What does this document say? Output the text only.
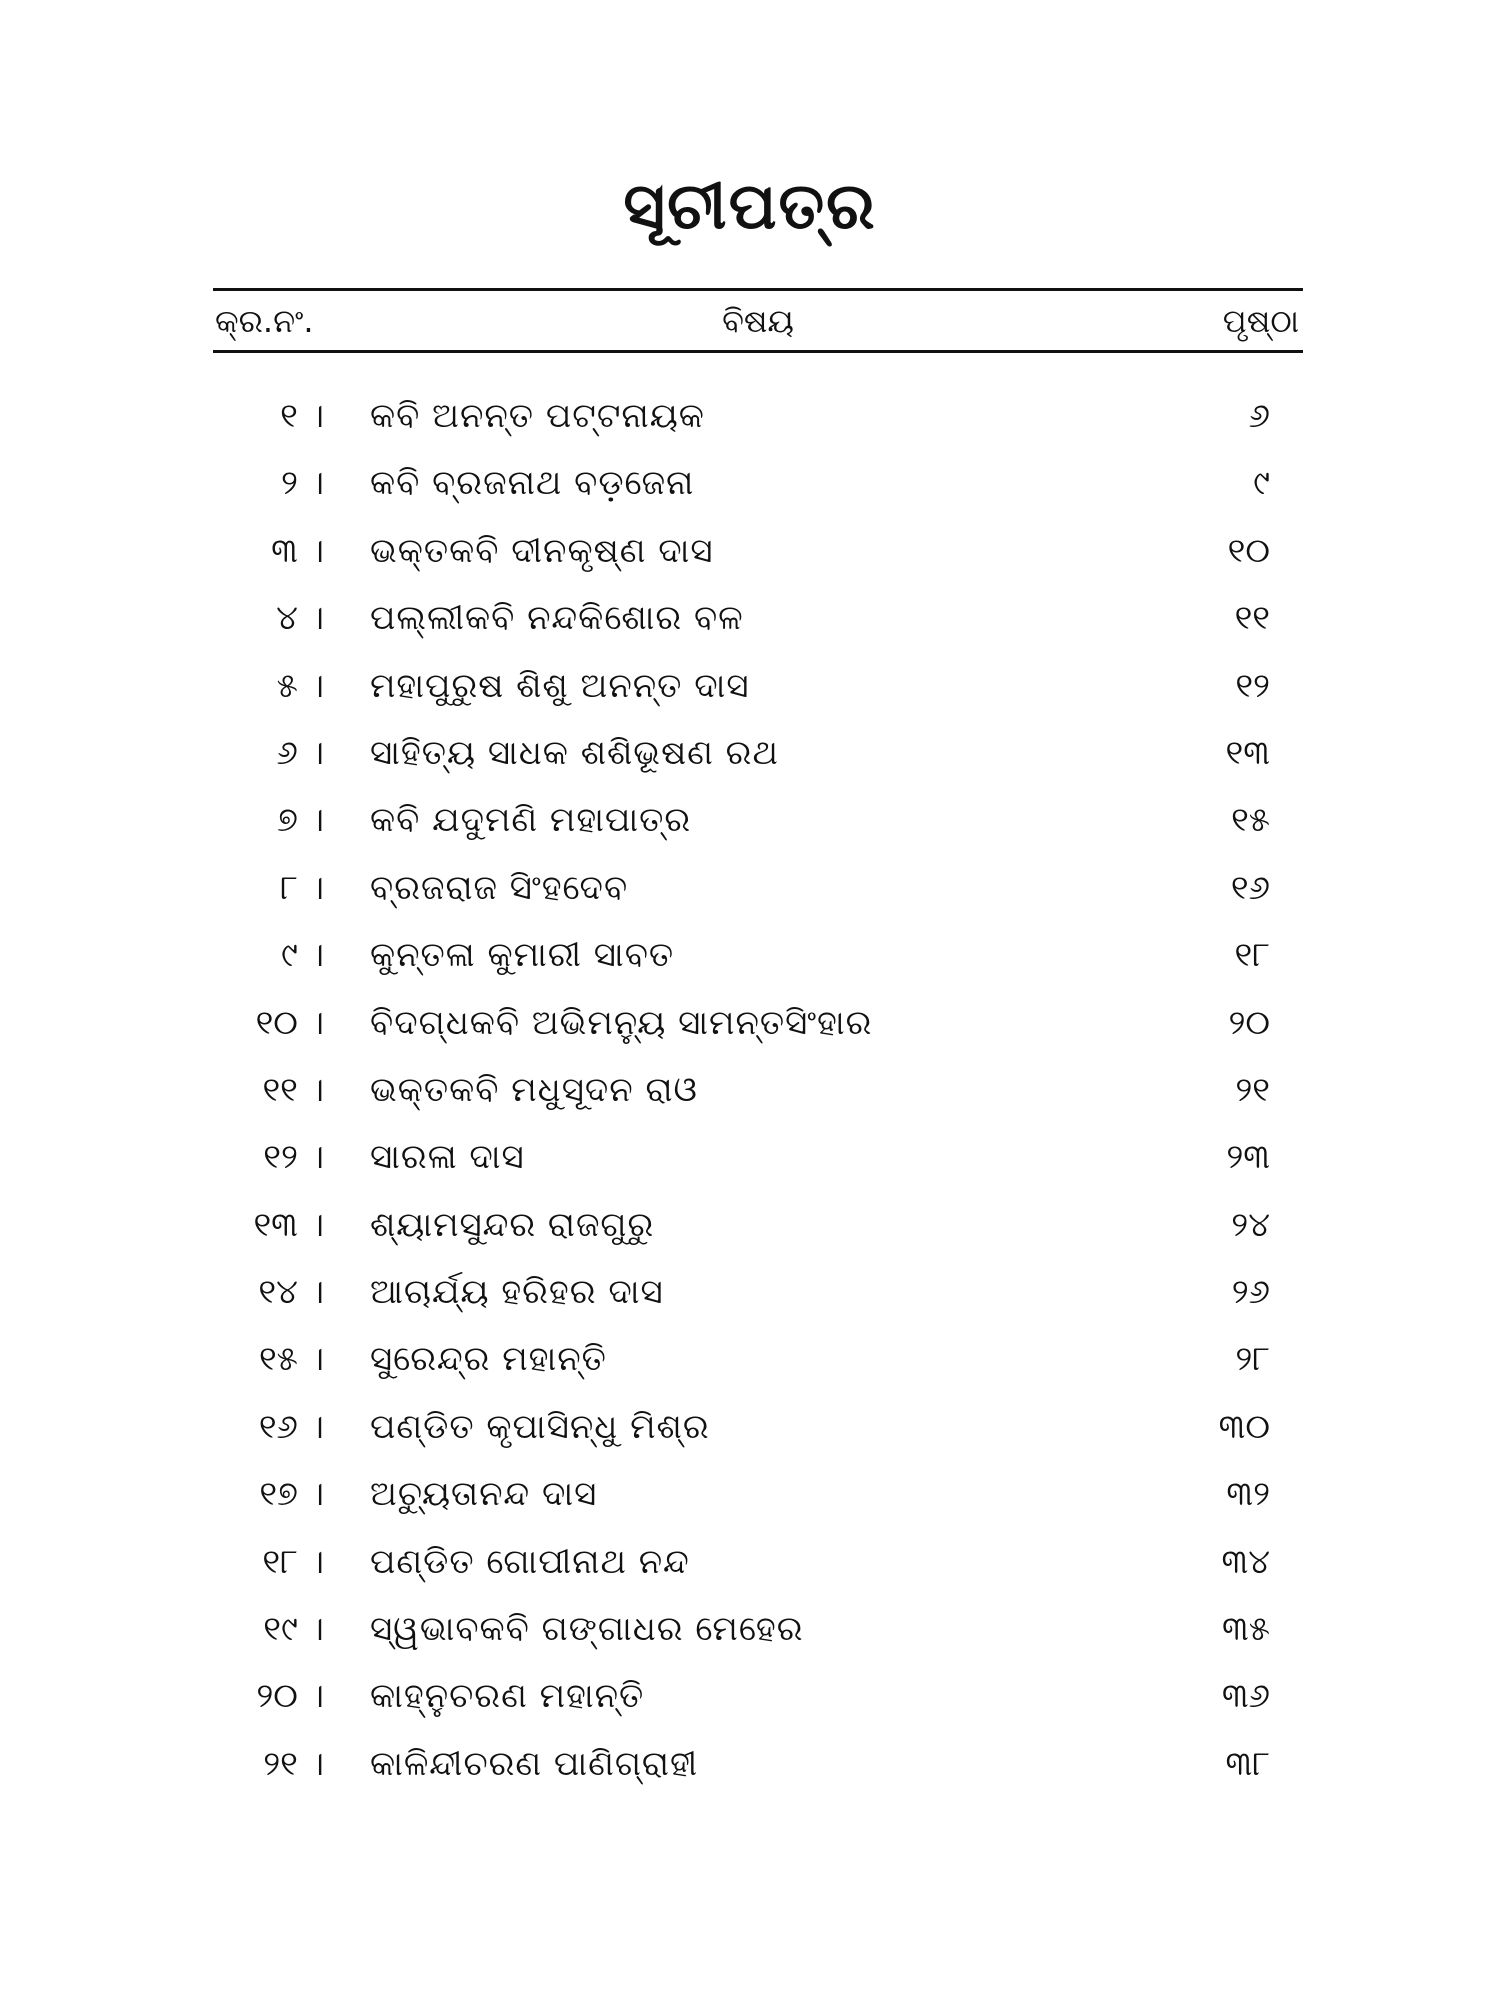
ସୂଚୀପତ୍ର
କ୍ର.ନଂ.	ବିଷୟ	ପୃଷ୍ଠା
୧ । କବି ଅନନ୍ତ ପଟ୍ଟନାୟକ	୬
୨ । କବି ବ୍ରଜନାଥ ବଡ଼ଜେନା	୯
୩ । ଭକ୍ତକବି ଦୀନକୃଷ୍ଣ ଦାସ	୧୦
୪ । ପଲ୍ଲୀକବି ନନ୍ଦକିଶୋର ବଳ	୧୧
୫ । ମହାପୁରୁଷ ଶିଶୁ ଅନନ୍ତ ଦାସ	୧୨
୬ । ସାହିତ୍ୟ ସାଧକ ଶଶିଭୂଷଣ ରଥ	୧୩
୭ । କବି ଯଦୁମଣି ମହାପାତ୍ର	୧୫
୮ । ବ୍ରଜରାଜ ସିଂହଦେବ	୧୬
୯ । କୁନ୍ତଳା କୁମାରୀ ସାବତ	୧୮
୧୦ । ବିଦଗ୍ଧକବି ଅଭିମନ୍ୟୁ ସାମନ୍ତସିଂହାର	୨୦
୧୧ । ଭକ୍ତକବି ମଧୁସୂଦନ ରାଓ	୨୧
୧୨ । ସାରଳା ଦାସ	୨୩
୧୩ । ଶ୍ୟାମସୁନ୍ଦର ରାଜଗୁରୁ	୨୪
୧୪ । ଆଚାର୍ଯ୍ୟ ହରିହର ଦାସ	୨୬
୧୫ । ସୁରେନ୍ଦ୍ର ମହାନ୍ତି	୨୮
୧୬ । ପଣ୍ଡିତ କୃପାସିନ୍ଧୁ ମିଶ୍ର	୩୦
୧୭ । ଅଚ୍ୟୁତାନନ୍ଦ ଦାସ	୩୨
୧୮ । ପଣ୍ଡିତ ଗୋପୀନାଥ ନନ୍ଦ	୩୪
୧୯ । ସ୍ୱଭାବକବି ଗଙ୍ଗାଧର ମେହେର	୩୫
୨୦ । କାହ୍ନୁଚରଣ ମହାନ୍ତି	୩୬
୨୧ । କାଳିନ୍ଦୀଚରଣ ପାଣିଗ୍ରାହୀ	୩୮
